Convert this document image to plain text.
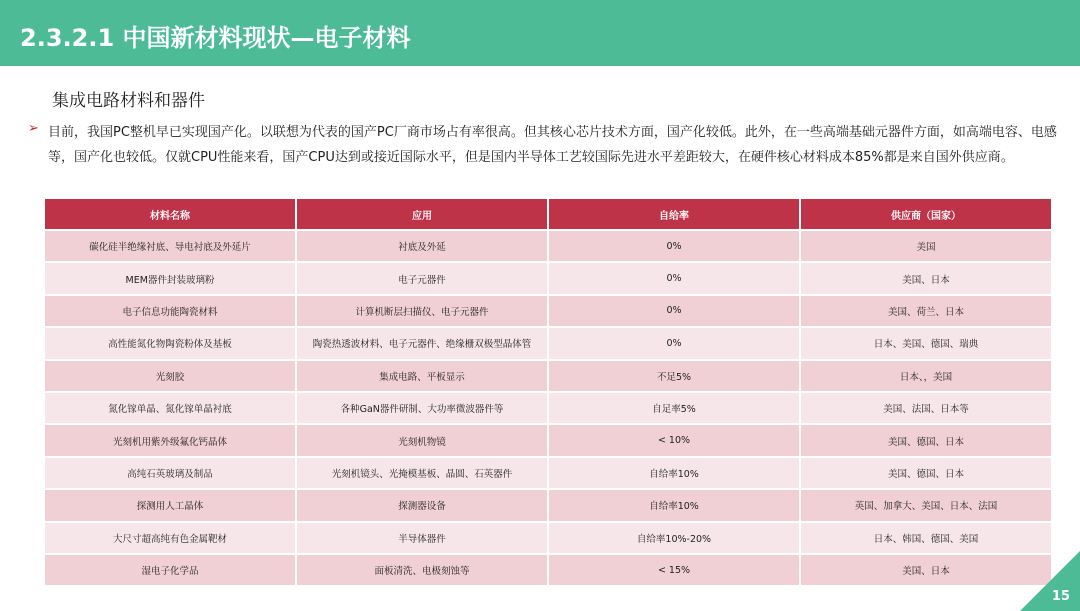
2.3.2.1 中国新材料现状—电子材料
集成电路材料和器件
➢ 目前，我国PC整机早已实现国产化。以联想为代表的国产PC厂商市场占有率很高。但其核心芯片技术方面，国产化较低。此外，在一些高端基础元器件方面，如高端电容、电感等，国产化也较低。仅就CPU性能来看，国产CPU达到或接近国际水平，但是国内半导体工艺较国际先进水平差距较大，在硬件核心材料成本85%都是来自国外供应商。
材料名称	应用	自给率	供应商（国家）
碳化硅半绝缘衬底、导电衬底及外延片	衬底及外延	0%	美国
MEM器件封装玻璃粉	电子元器件	0%	美国、日本
电子信息功能陶瓷材料	计算机断层扫描仪、电子元器件	0%	美国、荷兰、日本
高性能氮化物陶瓷粉体及基板	陶瓷热透波材料、电子元器件、绝缘栅双极型晶体管	0%	日本、美国、德国、瑞典
光刻胶	集成电路、平板显示	不足5%	日本、，美国
氮化镓单晶、氮化镓单晶衬底	各种GaN器件研制、大功率微波器件等	自足率5%	美国、法国、日本等
光刻机用紫外级氟化钙晶体	光刻机物镜	< 10%	美国、德国、日本
高纯石英玻璃及制品	光刻机镜头、光掩模基板、晶圆、石英器件	自给率10%	美国、德国、日本
探测用人工晶体	探测器设备	自给率10%	英国、加拿大、美国、日本、法国
大尺寸超高纯有色金属靶材	半导体器件	自给率10%-20%	日本、韩国、德国、美国
湿电子化学品	面板清洗、电极刻蚀等	< 15%	美国、日本
15
